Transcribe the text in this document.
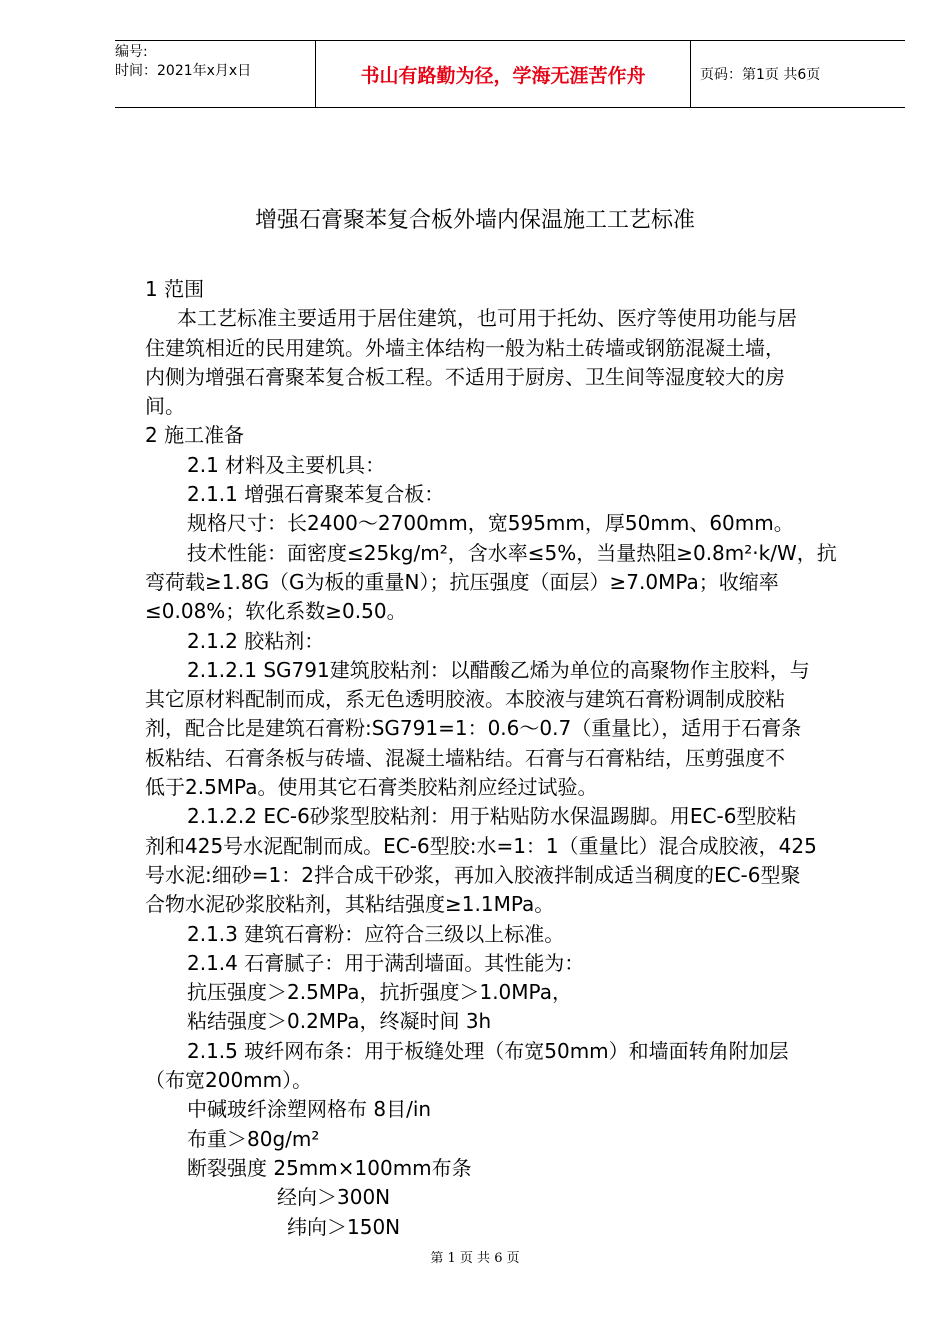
编号:
时间：2021年x月x日	书山有路勤为径，学海无涯苦作舟	页码：第1页 共6页
增强石膏聚苯复合板外墙内保温施工工艺标准

1 范围

本工艺标准主要适用于居住建筑，也可用于托幼、医疗等使用功能与居

住建筑相近的民用建筑。外墙主体结构一般为粘土砖墙或钢筋混凝土墙，

内侧为增强石膏聚苯复合板工程。不适用于厨房、卫生间等湿度较大的房

间。

2 施工准备

2.1 材料及主要机具：

2.1.1 增强石膏聚苯复合板：

规格尺寸：长2400～2700mm，宽595mm，厚50mm、60mm。

技术性能：面密度≤25kg/m²，含水率≤5%，当量热阻≥0.8m²·k/W，抗

弯荷载≥1.8G（G为板的重量N）；抗压强度（面层）≥7.0MPa；收缩率

≤0.08%；软化系数≥0.50。

2.1.2 胶粘剂：

2.1.2.1 SG791建筑胶粘剂：以醋酸乙烯为单位的高聚物作主胶料，与

其它原材料配制而成，系无色透明胶液。本胶液与建筑石膏粉调制成胶粘

剂，配合比是建筑石膏粉:SG791=1：0.6～0.7（重量比），适用于石膏条

板粘结、石膏条板与砖墙、混凝土墙粘结。石膏与石膏粘结，压剪强度不

低于2.5MPa。使用其它石膏类胶粘剂应经过试验。

2.1.2.2 EC-6砂浆型胶粘剂：用于粘贴防水保温踢脚。用EC-6型胶粘

剂和425号水泥配制而成。EC-6型胶:水=1：1（重量比）混合成胶液，425

号水泥:细砂=1：2拌合成干砂浆，再加入胶液拌制成适当稠度的EC-6型聚

合物水泥砂浆胶粘剂，其粘结强度≥1.1MPa。

2.1.3 建筑石膏粉：应符合三级以上标准。

2.1.4 石膏腻子：用于满刮墙面。其性能为：

抗压强度＞2.5MPa，抗折强度＞1.0MPa，

粘结强度＞0.2MPa，终凝时间 3h

2.1.5 玻纤网布条：用于板缝处理（布宽50mm）和墙面转角附加层

（布宽200mm）。

中碱玻纤涂塑网格布 8目/in

布重＞80g/m²

断裂强度 25mm×100mm布条

经向＞300N

纬向＞150N

第 1 页 共 6 页
